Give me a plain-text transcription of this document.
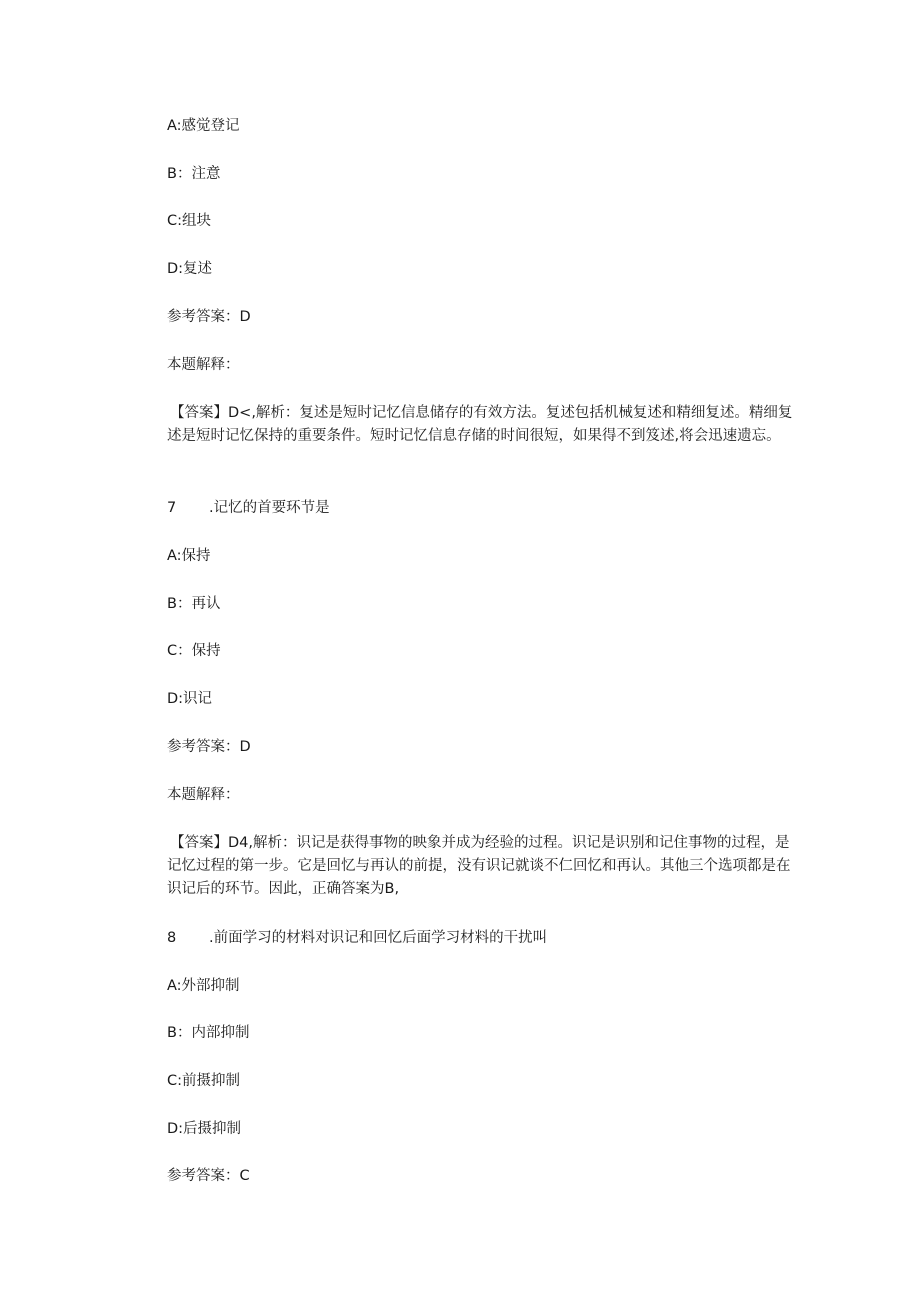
A:感觉登记
B：注意
C:组块
D:复述
参考答案：D
本题解释：
【答案】D<,解析：复述是短时记忆信息储存的有效方法。复述包括机械复述和精细复述。精细复述是短时记忆保持的重要条件。短时记忆信息存储的时间很短，如果得不到笈述,将会迅速遗忘。
7 .记忆的首要环节是
A:保持
B：再认
C：保持
D:识记
参考答案：D
本题解释：
【答案】D4,解析：识记是获得事物的映象并成为经验的过程。识记是识别和记住事物的过程，是记忆过程的第一步。它是回忆与再认的前提，没有识记就谈不仁回忆和再认。其他三个选项都是在识记后的环节。因此，正确答案为B,
8 .前面学习的材料对识记和回忆后面学习材料的干扰叫
A:外部抑制
B：内部抑制
C:前摄抑制
D:后摄抑制
参考答案：C
